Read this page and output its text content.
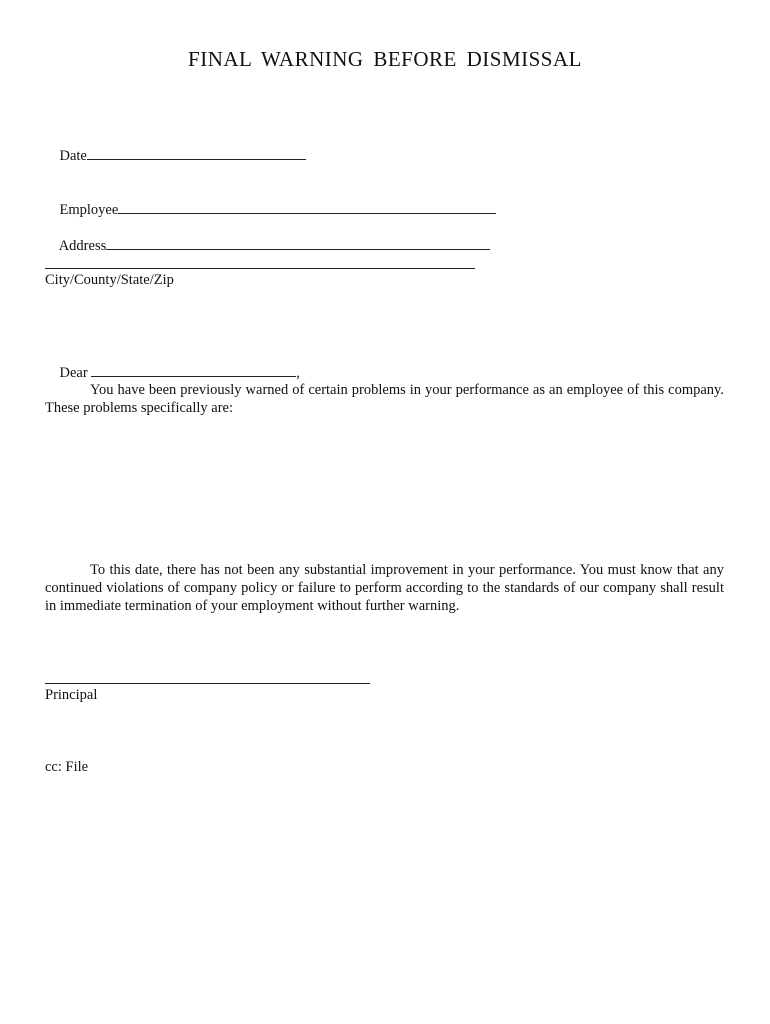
FINAL WARNING BEFORE DISMISSAL

Date

Employee

Address

City/County/State/Zip

Dear	,

You have been previously warned of certain problems in your performance as an employee of this company. These problems specifically are:
To this date, there has not been any substantial improvement in your performance. You must know that any continued violations of company policy or failure to perform according to the standards of our company shall result in immediate termination of your employment without further warning.
Principal
cc: File
